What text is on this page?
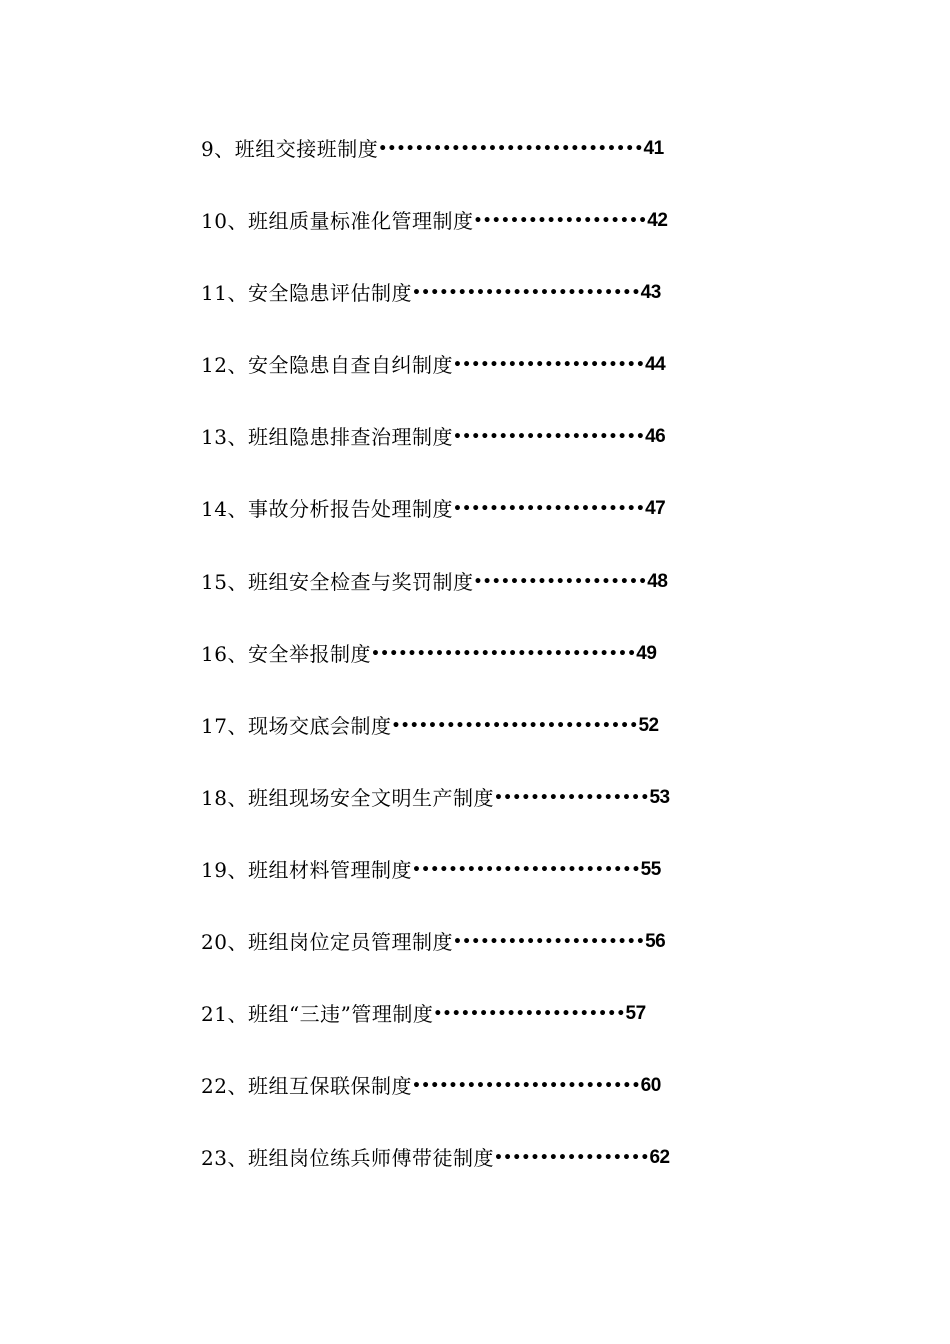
9、班组交接班制度 ••••••••••••••••••••••••••••• 41
10、班组质量标准化管理制度 ••••••••••••••••••• 42
11、安全隐患评估制度 ••••••••••••••••••••••••• 43
12、安全隐患自查自纠制度 ••••••••••••••••••••• 44
13、班组隐患排查治理制度 ••••••••••••••••••••• 46
14、事故分析报告处理制度 ••••••••••••••••••••• 47
15、班组安全检查与奖罚制度 ••••••••••••••••••• 48
16、安全举报制度 ••••••••••••••••••••••••••••• 49
17、现场交底会制度 ••••••••••••••••••••••••••• 52
18、班组现场安全文明生产制度 ••••••••••••••••• 53
19、班组材料管理制度 ••••••••••••••••••••••••• 55
20、班组岗位定员管理制度 ••••••••••••••••••••• 56
21、班组“三违”管理制度 ••••••••••••••••••••• 57
22、班组互保联保制度 ••••••••••••••••••••••••• 60
23、班组岗位练兵师傅带徒制度 ••••••••••••••••• 62
